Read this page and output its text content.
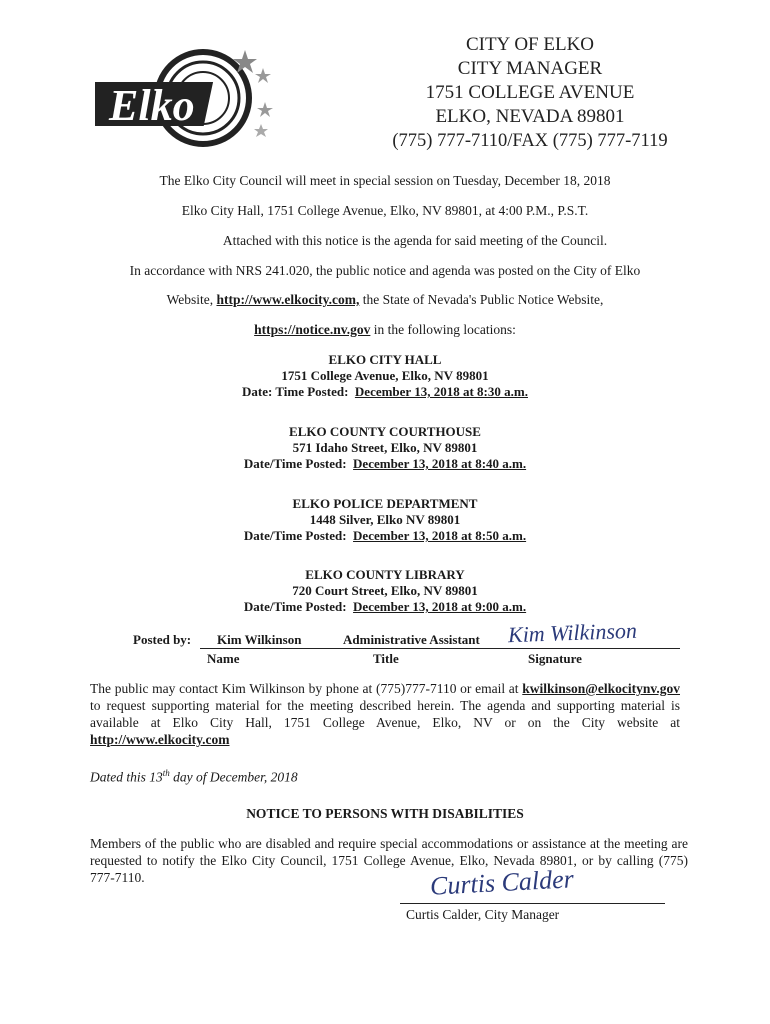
Elko
CITY OF ELKO
CITY MANAGER
1751 COLLEGE AVENUE
ELKO, NEVADA 89801
(775) 777-7110/FAX (775) 777-7119
The Elko City Council will meet in special session on Tuesday, December 18, 2018
Elko City Hall, 1751 College Avenue, Elko, NV 89801, at 4:00 P.M., P.S.T.
Attached with this notice is the agenda for said meeting of the Council.
In accordance with NRS 241.020, the public notice and agenda was posted on the City of Elko
Website, http://www.elkocity.com, the State of Nevada's Public Notice Website,
https://notice.nv.gov in the following locations:
ELKO CITY HALL
1751 College Avenue, Elko, NV 89801
Date: Time Posted: December 13, 2018 at 8:30 a.m.
ELKO COUNTY COURTHOUSE
571 Idaho Street, Elko, NV 89801
Date/Time Posted: December 13, 2018 at 8:40 a.m.
ELKO POLICE DEPARTMENT
1448 Silver, Elko NV 89801
Date/Time Posted: December 13, 2018 at 8:50 a.m.
ELKO COUNTY LIBRARY
720 Court Street, Elko, NV 89801
Date/Time Posted: December 13, 2018 at 9:00 a.m.
Posted by: Kim Wilkinson	Administrative Assistant Kim Wilkinson
Name	Title	Signature
The public may contact Kim Wilkinson by phone at (775)777-7110 or email at kwilkinson@elkocitynv.gov to request supporting material for the meeting described herein. The agenda and supporting material is available at Elko City Hall, 1751 College Avenue, Elko, NV or on the City website at http://www.elkocity.com
Dated this 13th day of December, 2018
NOTICE TO PERSONS WITH DISABILITIES
Members of the public who are disabled and require special accommodations or assistance at the meeting are requested to notify the Elko City Council, 1751 College Avenue, Elko, Nevada 89801, or by calling (775) 777-7110.	Curtis Calder
Curtis Calder, City Manager
